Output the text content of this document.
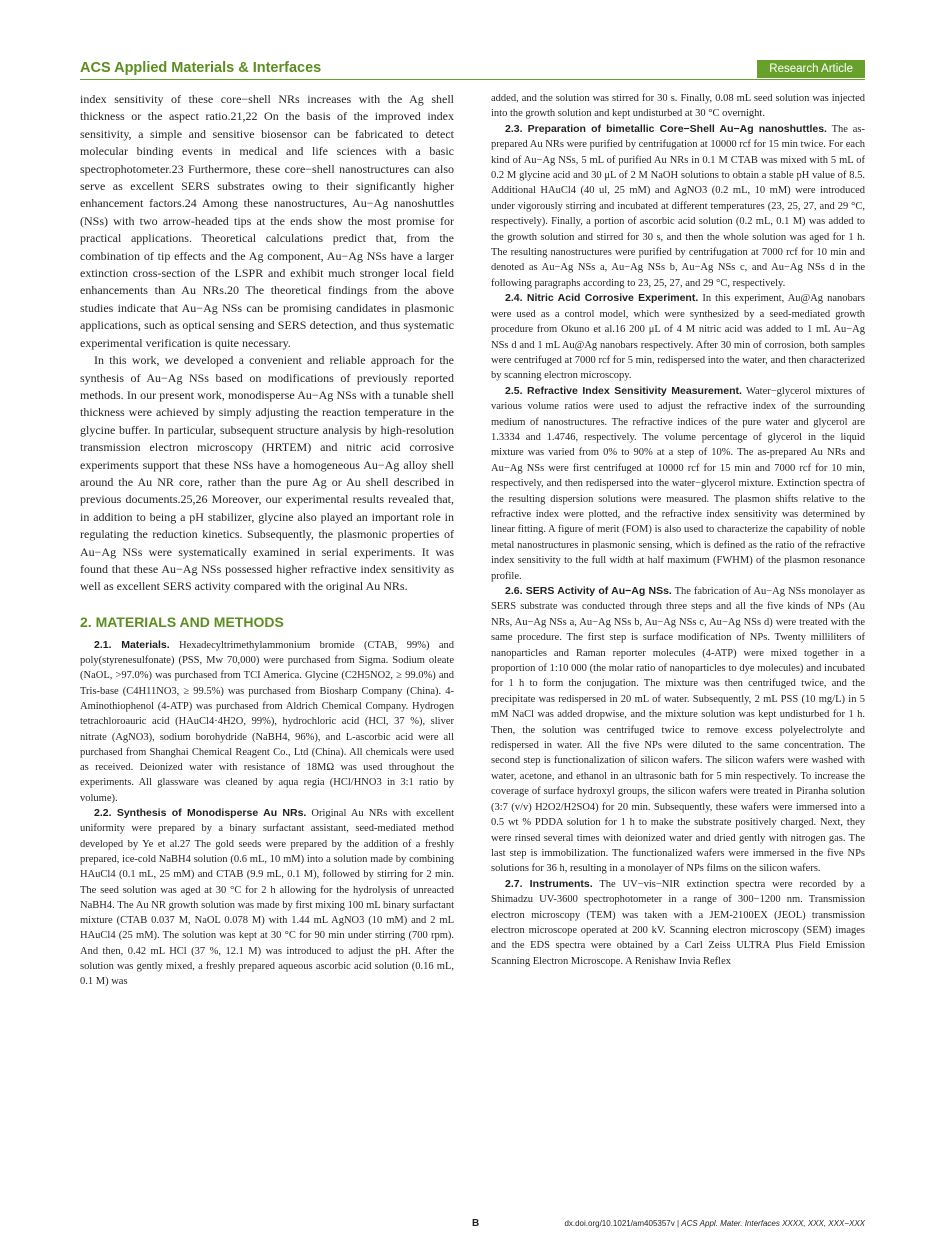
ACS Applied Materials & Interfaces	Research Article

index sensitivity of these core−shell NRs increases with the Ag shell thickness or the aspect ratio.21,22 On the basis of the improved index sensitivity, a simple and sensitive biosensor can be fabricated to detect molecular binding events in medical and life sciences with a basic spectrophotometer.23 Furthermore, these core−shell nanostructures can also serve as excellent SERS substrates owing to their significantly higher enhancement factors.24 Among these nanostructures, Au−Ag nanoshuttles (NSs) with two arrow-headed tips at the ends show the most promise for practical applications. Theoretical calculations predict that, from the combination of tip effects and the Ag component, Au−Ag NSs have a larger extinction cross-section of the LSPR and exhibit much stronger local field enhancements than Au NRs.20 The theoretical findings from the above studies indicate that Au−Ag NSs can be promising candidates in plasmonic applications, such as optical sensing and SERS detection, and thus systematic experimental verification is quite necessary.

In this work, we developed a convenient and reliable approach for the synthesis of Au−Ag NSs based on modifications of previously reported methods. In our present work, monodisperse Au−Ag NSs with a tunable shell thickness were achieved by simply adjusting the reaction temperature in the glycine buffer. In particular, subsequent structure analysis by high-resolution transmission electron microscopy (HRTEM) and nitric acid corrosive experiments support that these NSs have a homogeneous Au−Ag alloy shell around the Au NR core, rather than the pure Ag or Au shell described in previous documents.25,26 Moreover, our experimental results revealed that, in addition to being a pH stabilizer, glycine also played an important role in regulating the reduction kinetics. Subsequently, the plasmonic properties of Au−Ag NSs were systematically examined in serial experiments. It was found that these Au−Ag NSs possessed higher refractive index sensitivity as well as excellent SERS activity compared with the original Au NRs.

2. MATERIALS AND METHODS

2.1. Materials. Hexadecyltrimethylammonium bromide (CTAB, 99%) and poly(styrenesulfonate) (PSS, Mw 70,000) were purchased from Sigma. Sodium oleate (NaOL, >97.0%) was purchased from TCI America. Glycine (C2H5NO2, ≥ 99.0%) and Tris-base (C4H11NO3, ≥ 99.5%) was purchased from Biosharp Company (China). 4-Aminothiophenol (4-ATP) was purchased from Aldrich Chemical Company. Hydrogen tetrachloroauric acid (HAuCl4·4H2O, 99%), hydrochloric acid (HCl, 37 %), sliver nitrate (AgNO3), sodium borohydride (NaBH4, 96%), and L-ascorbic acid were all purchased from Shanghai Chemical Reagent Co., Ltd (China). All chemicals were used as received. Deionized water with resistance of 18MΩ was used throughout the experiments. All glassware was cleaned by aqua regia (HCl/HNO3 in 3:1 ratio by volume).

2.2. Synthesis of Monodisperse Au NRs. Original Au NRs with excellent uniformity were prepared by a binary surfactant assistant, seed-mediated method developed by Ye et al.27 The gold seeds were prepared by the addition of a freshly prepared, ice-cold NaBH4 solution (0.6 mL, 10 mM) into a solution made by combining HAuCl4 (0.1 mL, 25 mM) and CTAB (9.9 mL, 0.1 M), followed by stirring for 2 min. The seed solution was aged at 30 °C for 2 h allowing for the hydrolysis of unreacted NaBH4. The Au NR growth solution was made by first mixing 100 mL binary surfactant mixture (CTAB 0.037 M, NaOL 0.078 M) with 1.44 mL AgNO3 (10 mM) and 2 mL HAuCl4 (25 mM). The solution was kept at 30 °C for 90 min under stirring (700 rpm). And then, 0.42 mL HCl (37 %, 12.1 M) was introduced to adjust the pH. After the solution was gently mixed, a freshly prepared aqueous ascorbic acid solution (0.16 mL, 0.1 M) was

added, and the solution was stirred for 30 s. Finally, 0.08 mL seed solution was injected into the growth solution and kept undisturbed at 30 °C overnight.

2.3. Preparation of bimetallic Core−Shell Au−Ag nanoshuttles. The as-prepared Au NRs were purified by centrifugation at 10000 rcf for 15 min twice. For each kind of Au−Ag NSs, 5 mL of purified Au NRs in 0.1 M CTAB was mixed with 5 mL of 0.2 M glycine acid and 30 μL of 2 M NaOH solutions to obtain a stable pH value of 8.5. Additional HAuCl4 (40 ul, 25 mM) and AgNO3 (0.2 mL, 10 mM) were introduced under vigorously stirring and incubated at different temperatures (23, 25, 27, and 29 °C, respectively). Finally, a portion of ascorbic acid solution (0.2 mL, 0.1 M) was added to the growth solution and stirred for 30 s, and then the whole solution was aged for 1 h. The resulting nanostructures were purified by centrifugation at 7000 rcf for 10 min and denoted as Au−Ag NSs a, Au−Ag NSs b, Au−Ag NSs c, and Au−Ag NSs d in the following paragraphs according to 23, 25, 27, and 29 °C, respectively.

2.4. Nitric Acid Corrosive Experiment. In this experiment, Au@Ag nanobars were used as a control model, which were synthesized by a seed-mediated growth procedure from Okuno et al.16 200 μL of 4 M nitric acid was added to 1 mL Au−Ag NSs d and 1 mL Au@Ag nanobars respectively. After 30 min of corrosion, both samples were centrifuged at 7000 rcf for 5 min, redispersed into the water, and then characterized by scanning electron microscopy.

2.5. Refractive Index Sensitivity Measurement. Water−glycerol mixtures of various volume ratios were used to adjust the refractive index of the surrounding medium of nanostructures. The refractive indices of the pure water and glycerol are 1.3334 and 1.4746, respectively. The volume percentage of glycerol in the liquid mixture was varied from 0% to 90% at a step of 10%. The as-prepared Au NRs and Au−Ag NSs were first centrifuged at 10000 rcf for 15 min and 7000 rcf for 10 min, respectively, and then redispersed into the water−glycerol mixture. Extinction spectra of the resulting dispersion solutions were measured. The plasmon shifts relative to the refractive index were plotted, and the refractive index sensitivity was determined by linear fitting. A figure of merit (FOM) is also used to characterize the capability of noble metal nanostructures in plasmonic sensing, which is defined as the ratio of the refractive index sensitivity to the full width at half maximum (FWHM) of the plasmon resonance profile.

2.6. SERS Activity of Au−Ag NSs. The fabrication of Au−Ag NSs monolayer as SERS substrate was conducted through three steps and all the five kinds of NPs (Au NRs, Au−Ag NSs a, Au−Ag NSs b, Au−Ag NSs c, Au−Ag NSs d) were treated with the same procedure. The first step is surface modification of NPs. Twenty milliliters of nanoparticles and Raman reporter molecules (4-ATP) were mixed together in a proportion of 1:10 000 (the molar ratio of nanoparticles to dye molecules) and incubated for 1 h to form the conjugation. The mixture was then centrifuged twice, and the precipitate was redispersed in 20 mL of water. Subsequently, 2 mL PSS (10 mg/L) in 5 mM NaCl was added dropwise, and the mixture solution was kept undisturbed for 1 h. Then, the solution was centrifuged twice to remove excess polyelectrolyte and redispersed in water. All the five NPs were diluted to the same concentration. The second step is functionalization of silicon wafers. The silicon wafers were washed with water, acetone, and ethanol in an ultrasonic bath for 5 min respectively. To increase the coverage of surface hydroxyl groups, the silicon wafers were treated in Piranha solution (3:7 (v/v) H2O2/H2SO4) for 20 min. Subsequently, these wafers were immersed into a 0.5 wt % PDDA solution for 1 h to make the substrate positively charged. Next, they were rinsed several times with deionized water and dried gently with nitrogen gas. The last step is immobilization. The functionalized wafers were immersed in the five NPs solutions for 36 h, resulting in a monolayer of NPs films on the silicon wafers.

2.7. Instruments. The UV−vis−NIR extinction spectra were recorded by a Shimadzu UV-3600 spectrophotometer in a range of 300−1200 nm. Transmission electron microscopy (TEM) was taken with a JEM-2100EX (JEOL) transmission electron microscope operated at 200 kV. Scanning electron microscopy (SEM) images and the EDS spectra were obtained by a Carl Zeiss ULTRA Plus Field Emission Scanning Electron Microscope. A Renishaw Invia Reflex

B	dx.doi.org/10.1021/am405357v | ACS Appl. Mater. Interfaces XXXX, XXX, XXX−XXX
